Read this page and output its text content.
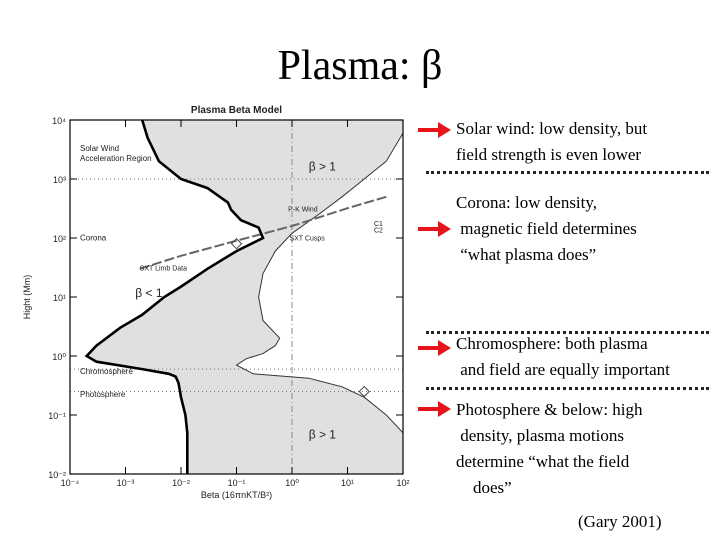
Plasma: β
10⁻⁴	10⁻³	10⁻²	10⁻¹	10⁰	10¹	10²
10⁻²
10⁻¹
10⁰
10¹
10²
10³
10⁴
Plasma Beta Model
Beta (16πnKT/B²)
Hight (Mm)
Solar Wind
Acceleration Region
Corona
Chromosphere
Photosphere
β > 1
β < 1
β > 1
SXT Cusps
SXT Limb Data
P-K Wind
C1
C2
Solar wind: low density, but
field strength is even lower
Corona: low density,
magnetic field determines
“what plasma does”
Chromosphere: both plasma
and field are equally important
Photosphere & below: high
density, plasma motions
determine “what the field
does”
(Gary 2001)
